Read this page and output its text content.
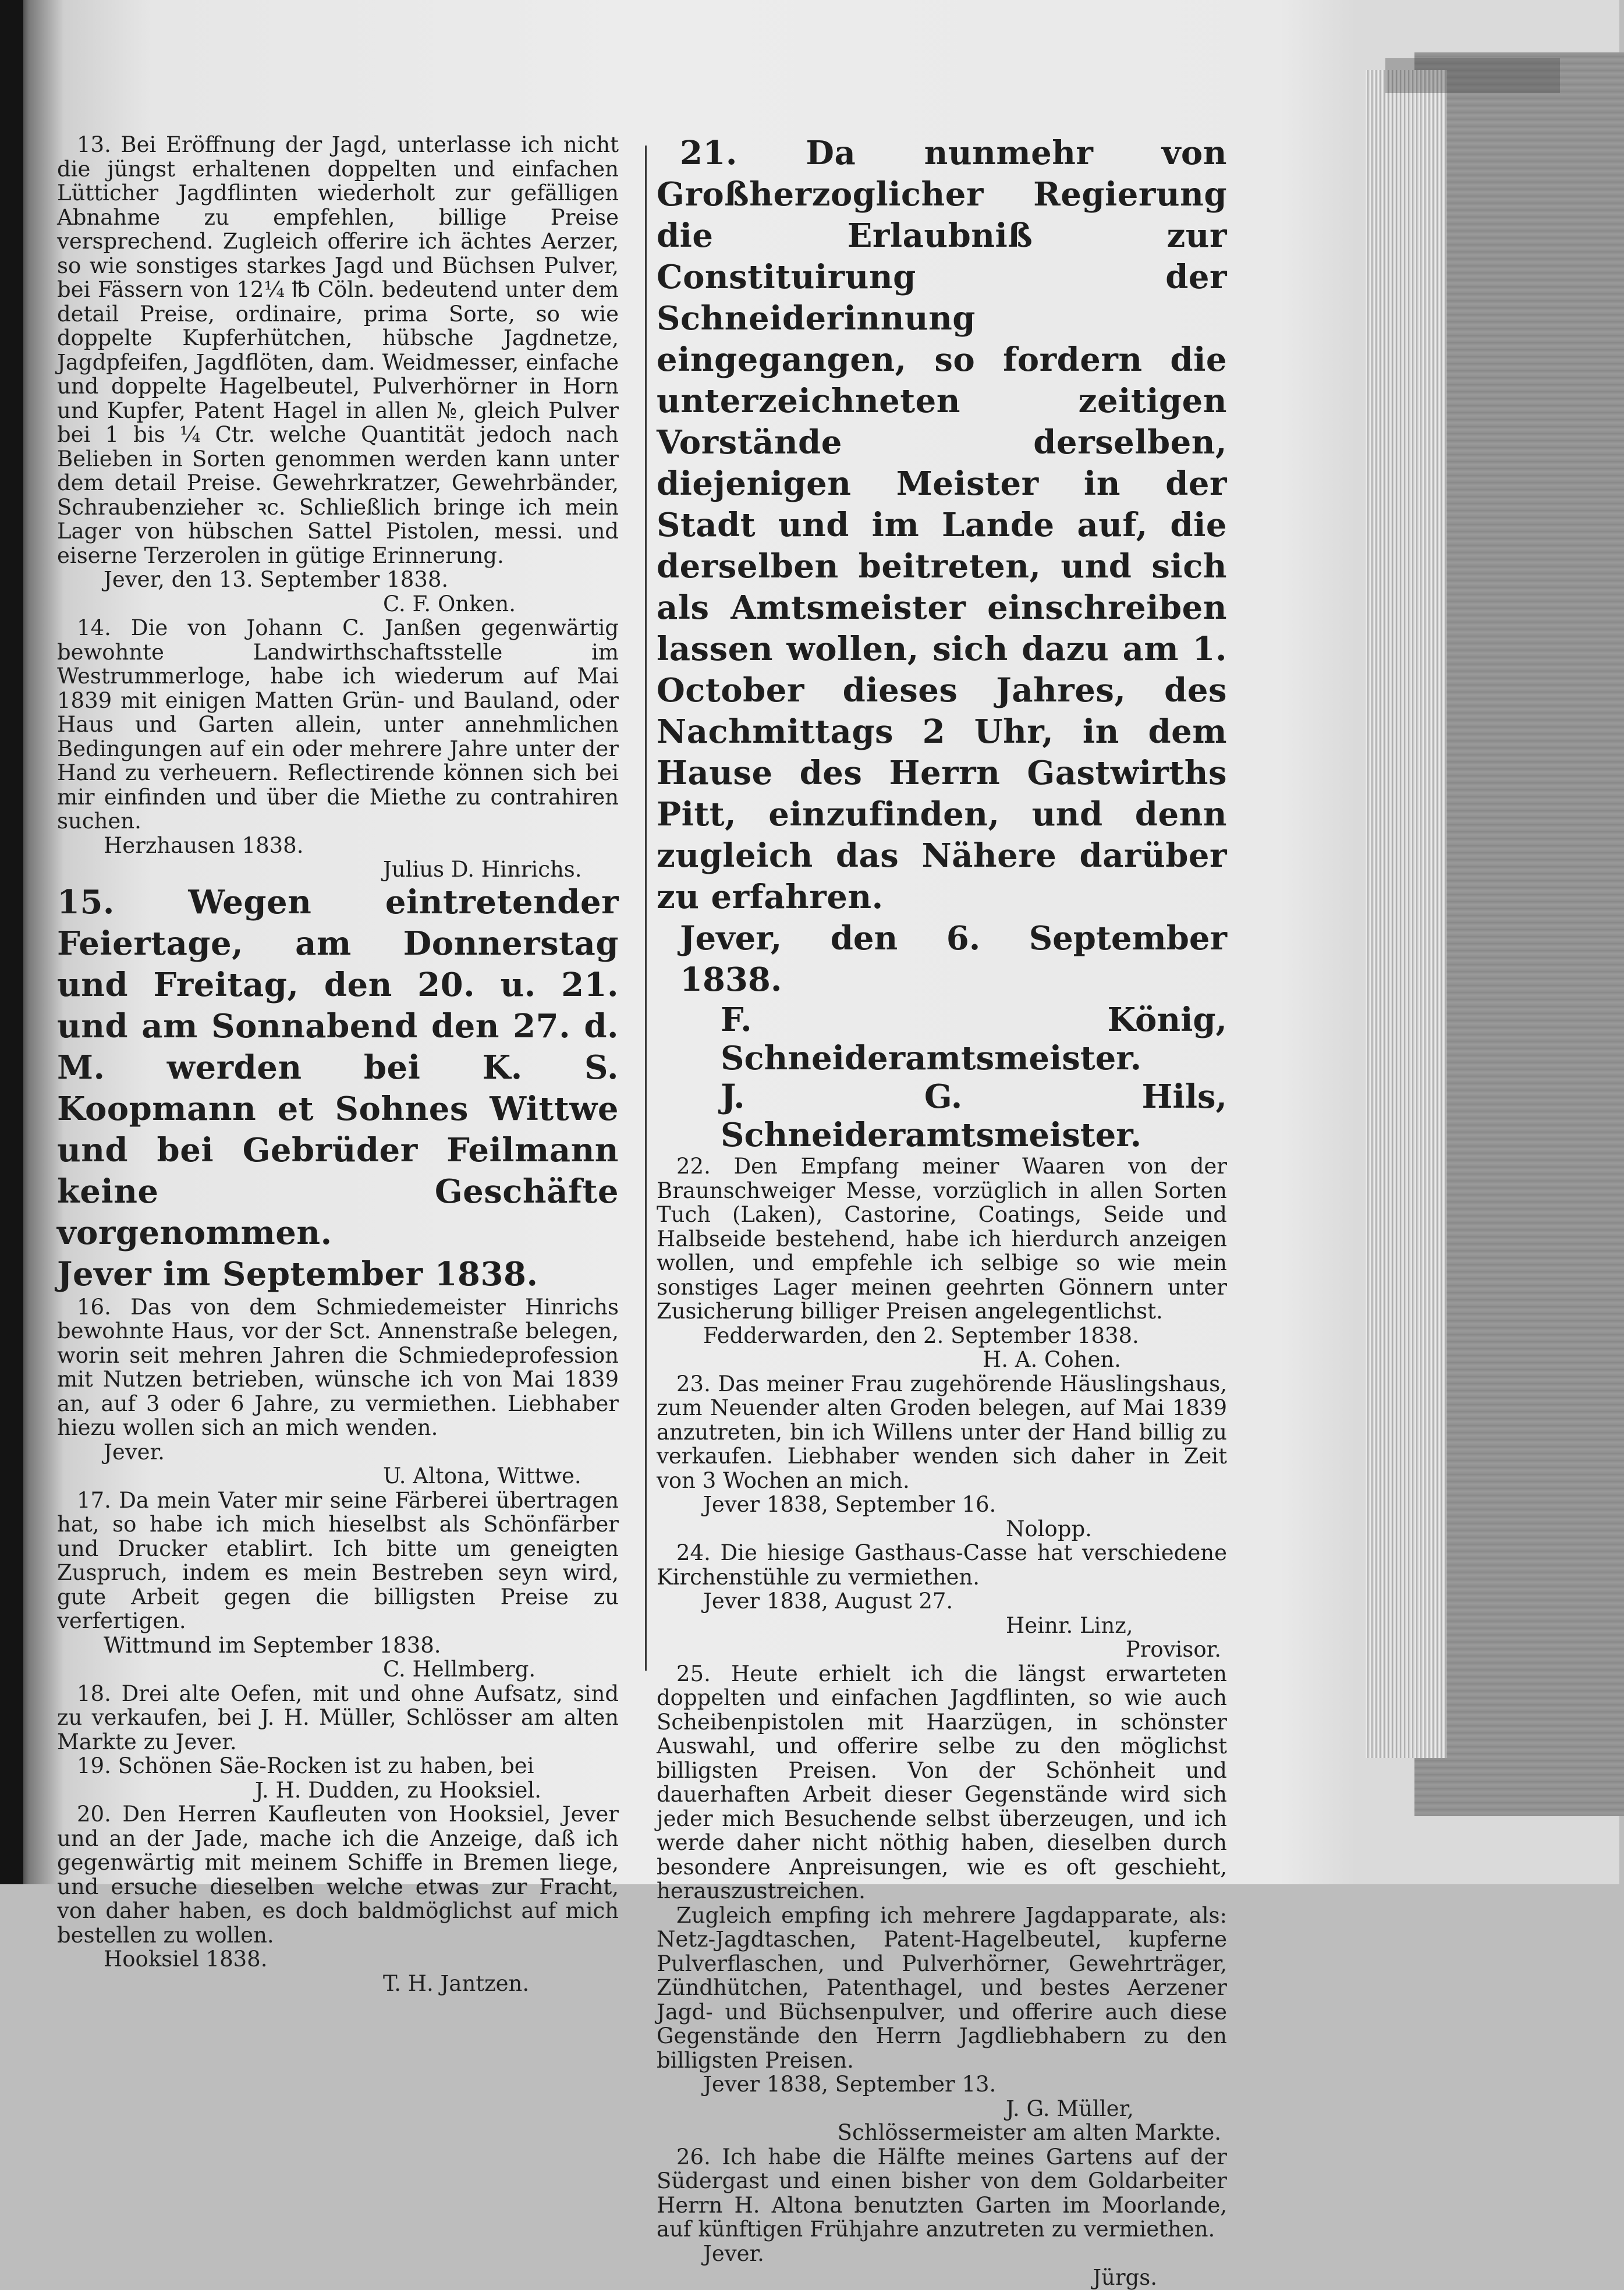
13. Bei Eröffnung der Jagd, unterlasse ich nicht die jüngst erhaltenen doppelten und einfachen Lütticher Jagdflinten wiederholt zur gefälligen Abnahme zu empfehlen, billige Preise versprechend. Zugleich offerire ich ächtes Aerzer, so wie sonstiges starkes Jagd und Büchsen Pulver, bei Fässern von 12¼ ℔ Cöln. bedeutend unter dem detail Preise, ordinaire, prima Sorte, so wie doppelte Kupferhütchen, hübsche Jagdnetze, Jagdpfeifen, Jagdflöten, dam. Weidmesser, einfache und doppelte Hagelbeutel, Pulverhörner in Horn und Kupfer, Patent Hagel in allen №, gleich Pulver bei 1 bis ¼ Ctr. welche Quantität jedoch nach Belieben in Sorten genommen werden kann unter dem detail Preise. Gewehrkratzer, Gewehrbänder, Schraubenzieher ꝛc. Schließlich bringe ich mein Lager von hübschen Sattel Pistolen, messi. und eiserne Terzerolen in gütige Erinnerung.

Jever, den 13. September 1838.

C. F. Onken.

14. Die von Johann C. Janßen gegenwärtig bewohnte Landwirthschaftsstelle im Westrummerloge, habe ich wiederum auf Mai 1839 mit einigen Matten Grün- und Bauland, oder Haus und Garten allein, unter annehmlichen Bedingungen auf ein oder mehrere Jahre unter der Hand zu verheuern. Reflectirende können sich bei mir einfinden und über die Miethe zu contrahiren suchen.

Herzhausen 1838.

Julius D. Hinrichs.

15. Wegen eintretender Feiertage, am Donnerstag und Freitag, den 20. u. 21. und am Sonnabend den 27. d. M. werden bei K. S. Koopmann et Sohnes Wittwe und bei Gebrüder Feilmann keine Geschäfte vorgenommen.

Jever im September 1838.

16. Das von dem Schmiedemeister Hinrichs bewohnte Haus, vor der Sct. Annenstraße belegen, worin seit mehren Jahren die Schmiedeprofession mit Nutzen betrieben, wünsche ich von Mai 1839 an, auf 3 oder 6 Jahre, zu vermiethen. Liebhaber hiezu wollen sich an mich wenden.

Jever.

U. Altona, Wittwe.

17. Da mein Vater mir seine Färberei übertragen hat, so habe ich mich hieselbst als Schönfärber und Drucker etablirt. Ich bitte um geneigten Zuspruch, indem es mein Bestreben seyn wird, gute Arbeit gegen die billigsten Preise zu verfertigen.

Wittmund im September 1838.

C. Hellmberg.

18. Drei alte Oefen, mit und ohne Aufsatz, sind zu verkaufen, bei J. H. Müller, Schlösser am alten Markte zu Jever.

19. Schönen Säe-Rocken ist zu haben, bei

J. H. Dudden, zu Hooksiel.

20. Den Herren Kaufleuten von Hooksiel, Jever und an der Jade, mache ich die Anzeige, daß ich gegenwärtig mit meinem Schiffe in Bremen liege, und ersuche dieselben welche etwas zur Fracht, von daher haben, es doch baldmöglichst auf mich bestellen zu wollen.

Hooksiel 1838.

T. H. Jantzen.

21. Da nunmehr von Großherzoglicher Regierung die Erlaubniß zur Constituirung der Schneiderinnung eingegangen, so fordern die unterzeichneten zeitigen Vorstände derselben, diejenigen Meister in der Stadt und im Lande auf, die derselben beitreten, und sich als Amtsmeister einschreiben lassen wollen, sich dazu am 1. October dieses Jahres, des Nachmittags 2 Uhr, in dem Hause des Herrn Gastwirths Pitt, einzufinden, und denn zugleich das Nähere darüber zu erfahren.

Jever, den 6. September 1838.

F. König, Schneideramtsmeister.

J. G. Hils, Schneideramtsmeister.

22. Den Empfang meiner Waaren von der Braunschweiger Messe, vorzüglich in allen Sorten Tuch (Laken), Castorine, Coatings, Seide und Halbseide bestehend, habe ich hierdurch anzeigen wollen, und empfehle ich selbige so wie mein sonstiges Lager meinen geehrten Gönnern unter Zusicherung billiger Preisen angelegentlichst.

Fedderwarden, den 2. September 1838.

H. A. Cohen.

23. Das meiner Frau zugehörende Häuslingshaus, zum Neuender alten Groden belegen, auf Mai 1839 anzutreten, bin ich Willens unter der Hand billig zu verkaufen. Liebhaber wenden sich daher in Zeit von 3 Wochen an mich.

Jever 1838, September 16.

Nolopp.

24. Die hiesige Gasthaus-Casse hat verschiedene Kirchenstühle zu vermiethen.

Jever 1838, August 27.

Heinr. Linz,

Provisor.

25. Heute erhielt ich die längst erwarteten doppelten und einfachen Jagdflinten, so wie auch Scheibenpistolen mit Haarzügen, in schönster Auswahl, und offerire selbe zu den möglichst billigsten Preisen. Von der Schönheit und dauerhaften Arbeit dieser Gegenstände wird sich jeder mich Besuchende selbst überzeugen, und ich werde daher nicht nöthig haben, dieselben durch besondere Anpreisungen, wie es oft geschieht, herauszustreichen.

Zugleich empfing ich mehrere Jagdapparate, als: Netz-Jagdtaschen, Patent-Hagelbeutel, kupferne Pulverflaschen, und Pulverhörner, Gewehrträger, Zündhütchen, Patenthagel, und bestes Aerzener Jagd- und Büchsenpulver, und offerire auch diese Gegenstände den Herrn Jagdliebhabern zu den billigsten Preisen.

Jever 1838, September 13.

J. G. Müller,

Schlössermeister am alten Markte.

26. Ich habe die Hälfte meines Gartens auf der Südergast und einen bisher von dem Goldarbeiter Herrn H. Altona benutzten Garten im Moorlande, auf künftigen Frühjahre anzutreten zu vermiethen.

Jever.

Jürgs.
